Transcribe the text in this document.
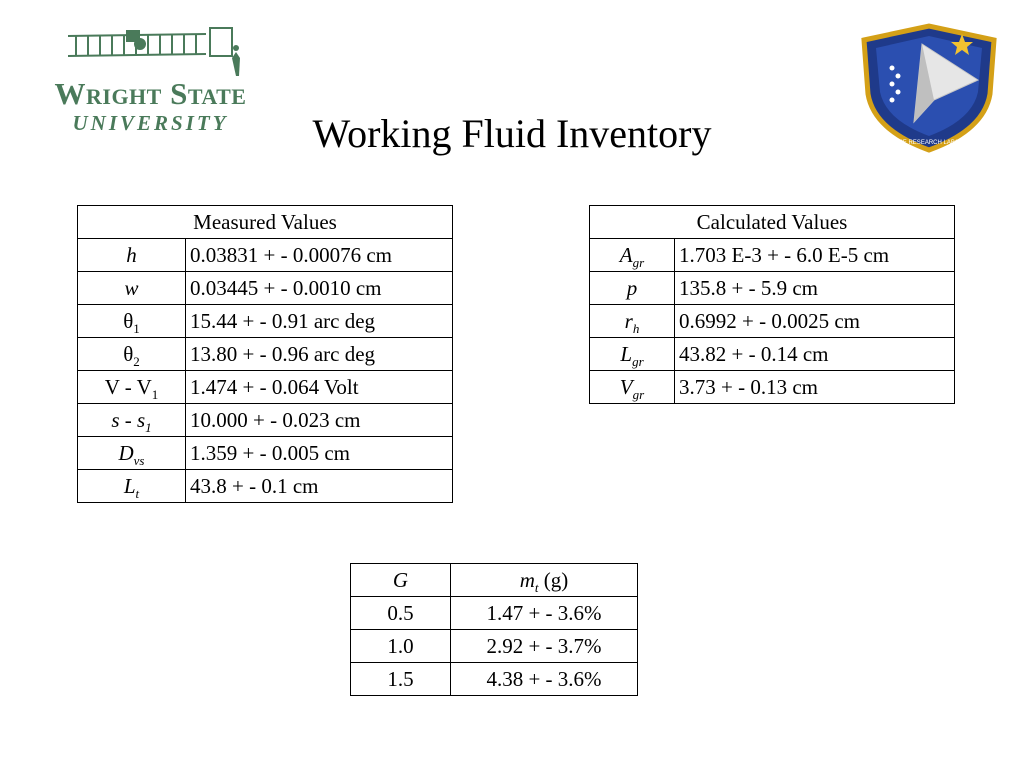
Wright State
UNIVERSITY
AIR FORCE RESEARCH LABORATORY
Working Fluid Inventory
Measured Values	
h	0.03831 + - 0.00076 cm
w	0.03445 + - 0.0010 cm
$\theta_1$	15.44 + - 0.91 arc deg
$\theta_2$	13.80 + - 0.96 arc deg
V - $V_1$	1.474 + - 0.064 Volt
s - $s_1$	10.000 + - 0.023 cm
$D_{vs}$	1.359 + - 0.005 cm
$L_t$	43.8 + - 0.1 cm
Calculated Values	
$A_{gr}$	1.703 E-3 + - 6.0 E-5 cm
p	135.8 + - 5.9 cm
$r_h$	0.6992 + - 0.0025 cm
$L_{gr}$	43.82 + - 0.14 cm
$V_{gr}$	3.73 + - 0.13 cm
G	$m_t$ (g)
0.5	1.47 + - 3.6%
1.0	2.92 + - 3.7%
1.5	4.38 + - 3.6%
